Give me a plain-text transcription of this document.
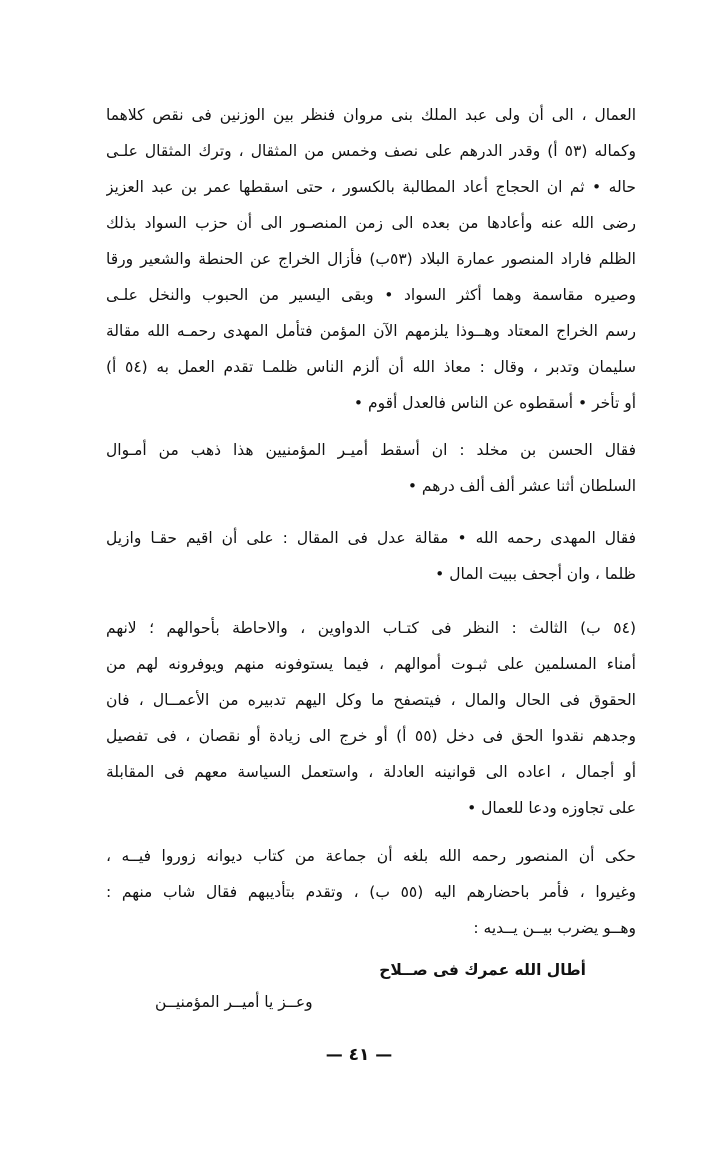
العمال ، الى أن ولى عبد الملك بنى مروان فنظر بين الوزنين فى نقص كلاهما
وكماله (٥٣ أ) وقدر الدرهم على نصف وخمس من المثقال ، وترك المثقال علـى
حاله • ثم ان الحجاج أعاد المطالبة بالكسور ، حتى اسقطها عمر بن عبد العزيز
رضى الله عنه وأعادها من بعده الى زمن المنصـور الى أن حزب السواد بذلك
الظلم فاراد المنصور عمارة البلاد (٥٣ب) فأزال الخراج عن الحنطة والشعير ورقا
وصيره مقاسمة وهما أكثر السواد • وبقى اليسير من الحبوب والنخل علـى
رسم الخراج المعتاد وهــوذا يلزمهم الآن المؤمن فتأمل المهدى رحمـه الله مقالة
سليمان وتدبر ، وقال : معاذ الله أن ألزم الناس ظلمـا تقدم العمل به (٥٤ أ)
أو تأخر • أسقطوه عن الناس فالعدل أقوم •
فقال الحسن بن مخلد : ان أسقط أميـر المؤمنيين هذا ذهب من أمـوال
السلطان أثنا عشر ألف ألف درهم •
فقال المهدى رحمه الله • مقالة عدل فى المقال : على أن اقيم حقـا وازيل
ظلما ، وان أجحف ببيت المال •
(٥٤ ب) الثالث : النظر فى كتـاب الدواوين ، والاحاطة بأحوالهم ؛ لانهم
أمناء المسلمين على ثبـوت أموالهم ، فيما يستوفونه منهم ويوفرونه لهم من
الحقوق فى الحال والمال ، فيتصفح ما وكل اليهم تدبيره من الأعمــال ، فان
وجدهم نقدوا الحق فى دخل (٥٥ أ) أو خرج الى زيادة أو نقصان ، فى تفصيل
أو أجمال ، اعاده الى قوانينه العادلة ، واستعمل السياسة معهم فى المقابلة
على تجاوزه ودعا للعمال •
حكى أن المنصور رحمه الله بلغه أن جماعة من كتاب ديوانه زوروا فيــه ،
وغيروا ، فأمر باحضارهم اليه (٥٥ ب) ، وتقدم بتأديبهم فقال شاب منهم :
وهــو يضرب بيــن يــديه :
أطال الله عمرك فى صــلاح
وعــز يا أميــر المؤمنيــن
— ٤١ —
